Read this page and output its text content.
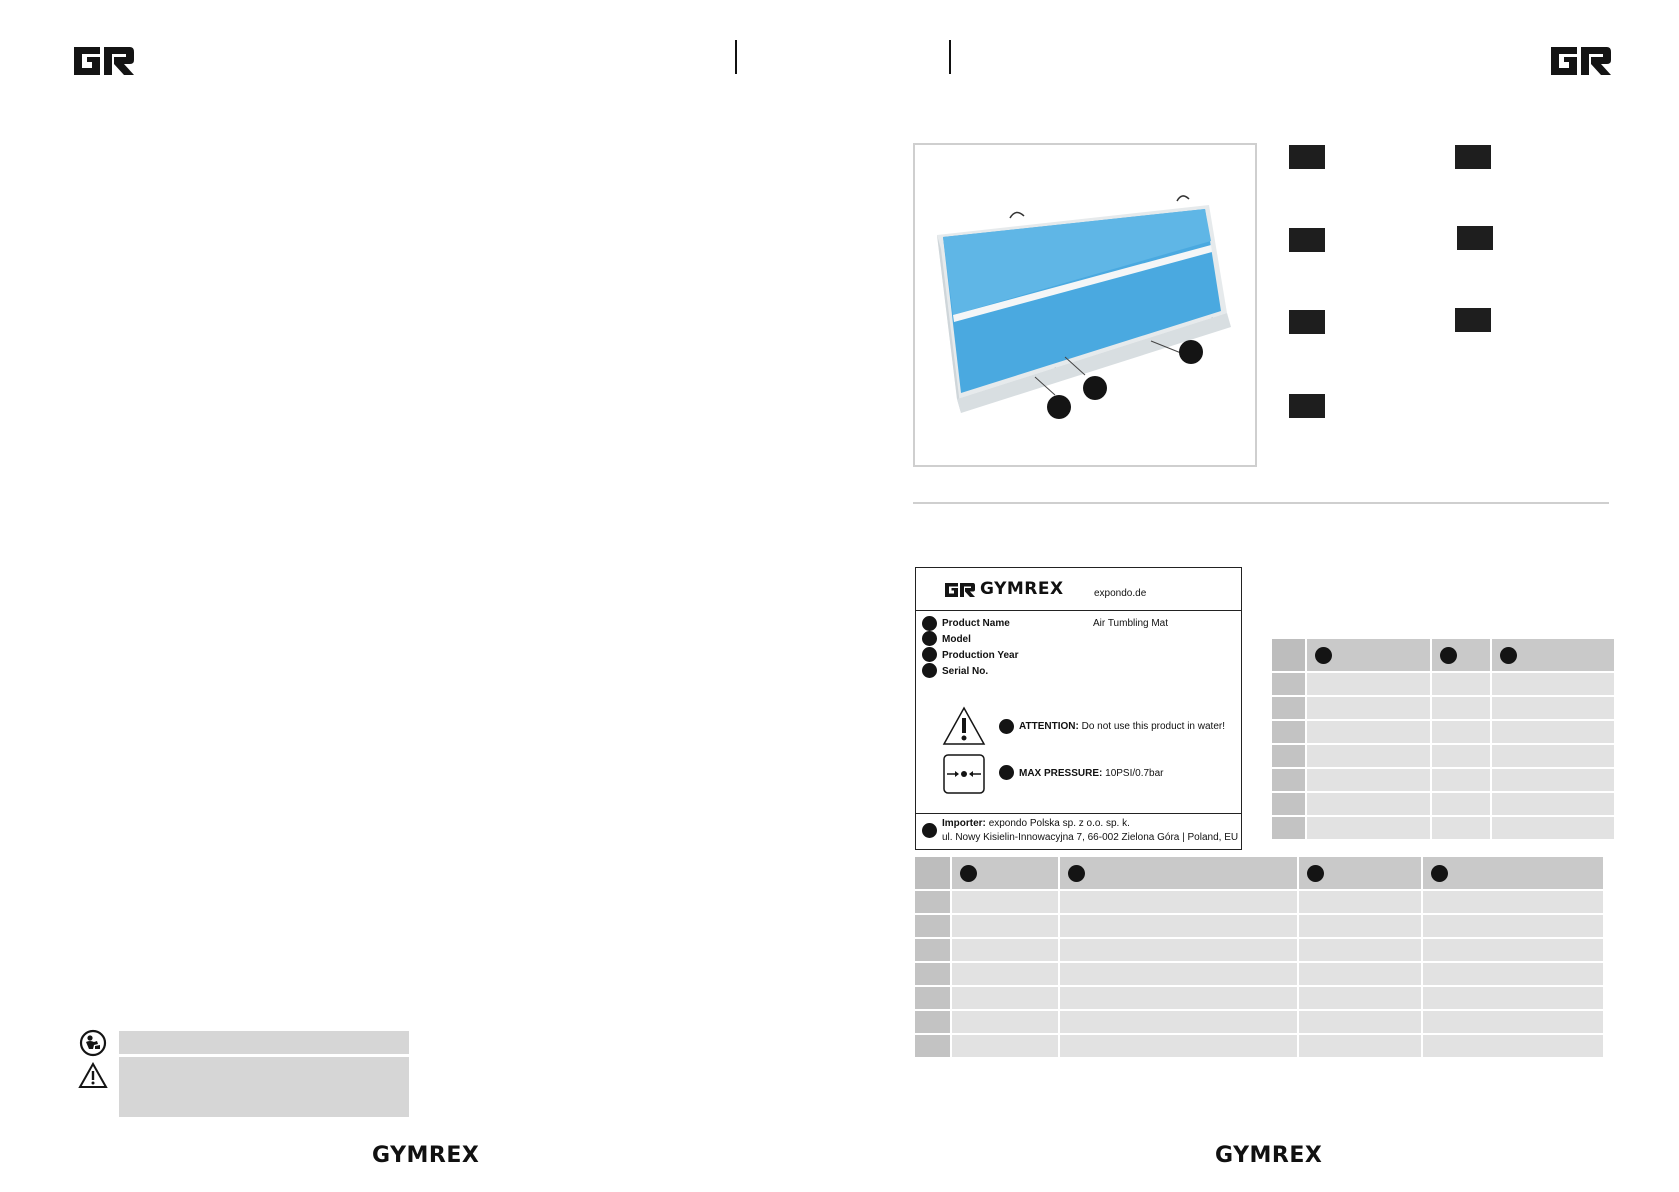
GYMREX	expondo.de
Product Name	Air Tumbling Mat
Model
Production Year
Serial No.
ATTENTION: Do not use this product in water!
MAX PRESSURE: 10PSI/0.7bar
Importer: expondo Polska sp. z o.o. sp. k.
ul. Nowy Kisielin-Innowacyjna 7, 66-002 Zielona Góra | Poland, EU

GYMREX	GYMREX
